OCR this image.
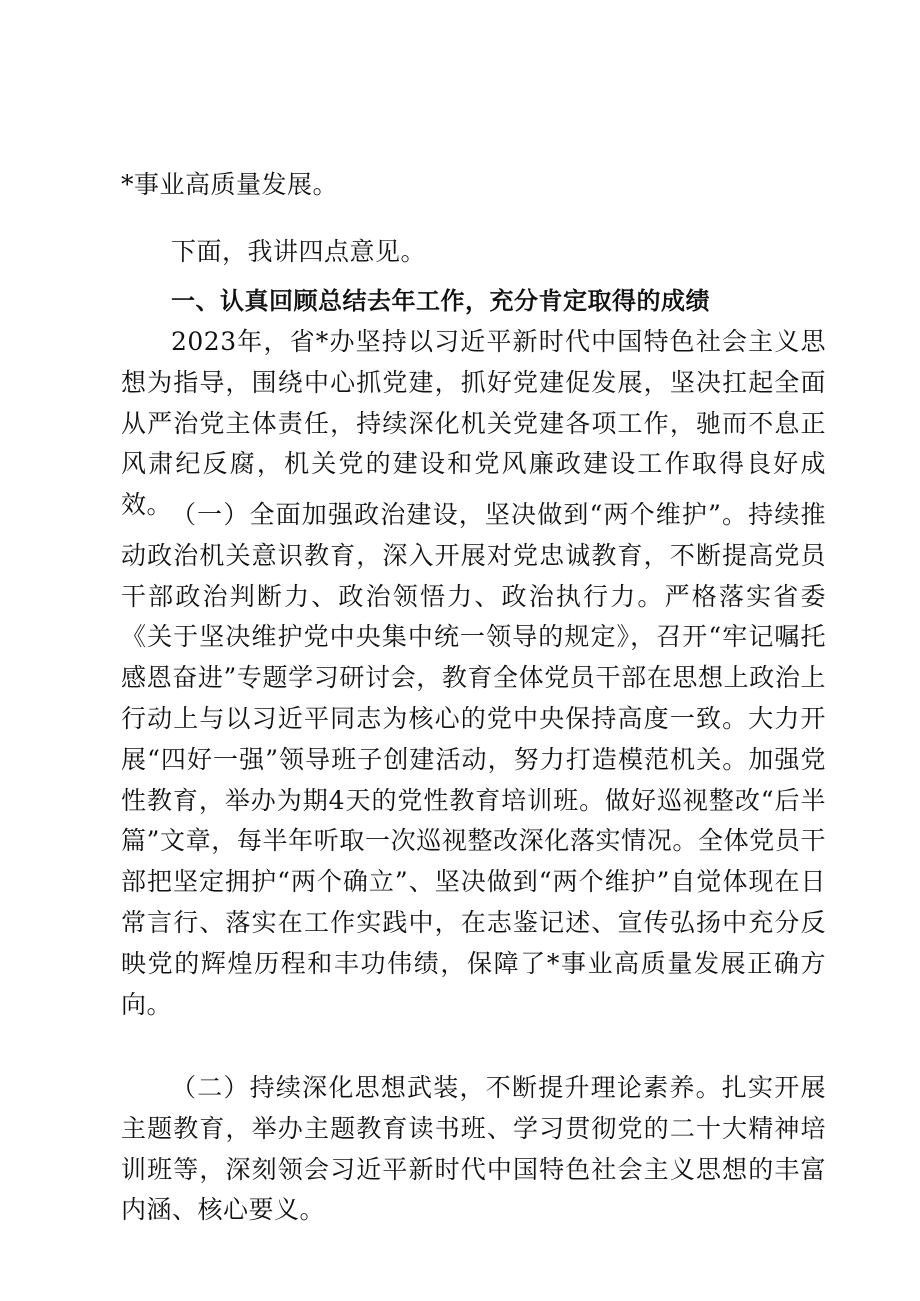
*事业高质量发展。

下面，我讲四点意见。

一、认真回顾总结去年工作，充分肯定取得的成绩

2023年，省*办坚持以习近平新时代中国特色社会主义思想为指导，围绕中心抓党建，抓好党建促发展，坚决扛起全面从严治党主体责任，持续深化机关党建各项工作，驰而不息正风肃纪反腐，机关党的建设和党风廉政建设工作取得良好成效。

（一）全面加强政治建设，坚决做到“两个维护”。持续推动政治机关意识教育，深入开展对党忠诚教育，不断提高党员干部政治判断力、政治领悟力、政治执行力。严格落实省委《关于坚决维护党中央集中统一领导的规定》，召开“牢记嘱托感恩奋进”专题学习研讨会，教育全体党员干部在思想上政治上行动上与以习近平同志为核心的党中央保持高度一致。大力开展“四好一强”领导班子创建活动，努力打造模范机关。加强党性教育，举办为期4天的党性教育培训班。做好巡视整改“后半篇”文章，每半年听取一次巡视整改深化落实情况。全体党员干部把坚定拥护“两个确立”、坚决做到“两个维护”自觉体现在日常言行、落实在工作实践中，在志鉴记述、宣传弘扬中充分反映党的辉煌历程和丰功伟绩，保障了*事业高质量发展正确方向。

（二）持续深化思想武装，不断提升理论素养。扎实开展主题教育，举办主题教育读书班、学习贯彻党的二十大精神培训班等，深刻领会习近平新时代中国特色社会主义思想的丰富内涵、核心要义。
